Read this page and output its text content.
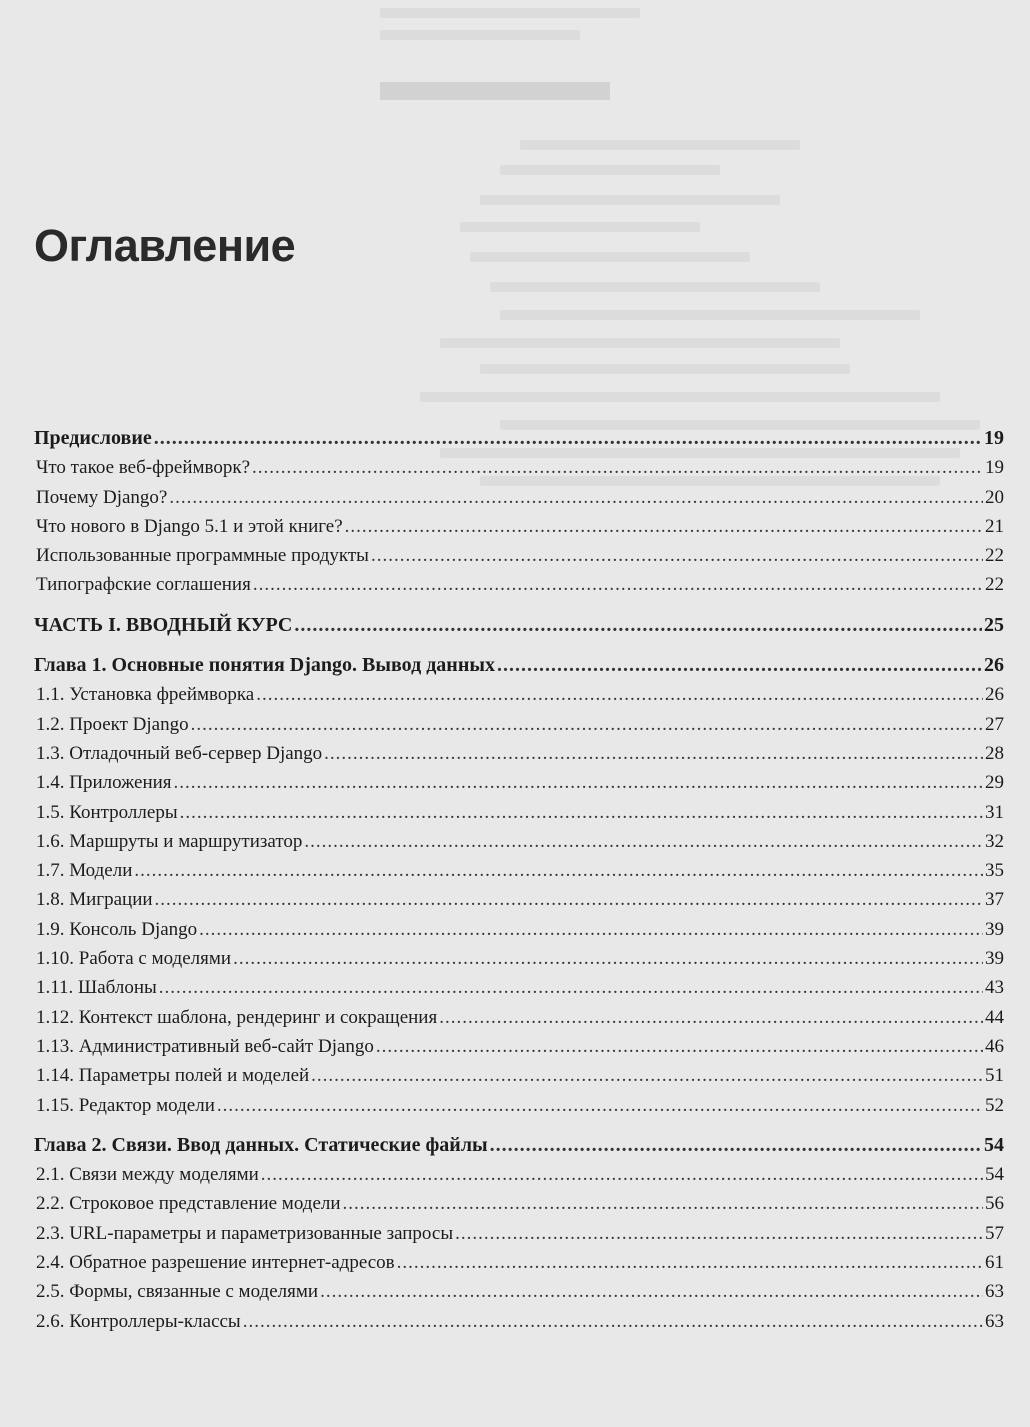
Оглавление
Предисловие .....	19
Что такое веб-фреймворк? .....	19
Почему Django? .....	20
Что нового в Django 5.1 и этой книге? .....	21
Использованные программные продукты .....	22
Типографские соглашения .....	22
ЧАСТЬ I. ВВОДНЫЙ КУРС .....	25
Глава 1. Основные понятия Django. Вывод данных .....	26
1.1. Установка фреймворка .....	26
1.2. Проект Django .....	27
1.3. Отладочный веб-сервер Django .....	28
1.4. Приложения .....	29
1.5. Контроллеры .....	31
1.6. Маршруты и маршрутизатор .....	32
1.7. Модели .....	35
1.8. Миграции .....	37
1.9. Консоль Django .....	39
1.10. Работа с моделями .....	39
1.11. Шаблоны .....	43
1.12. Контекст шаблона, рендеринг и сокращения .....	44
1.13. Административный веб-сайт Django .....	46
1.14. Параметры полей и моделей .....	51
1.15. Редактор модели .....	52
Глава 2. Связи. Ввод данных. Статические файлы .....	54
2.1. Связи между моделями .....	54
2.2. Строковое представление модели .....	56
2.3. URL-параметры и параметризованные запросы .....	57
2.4. Обратное разрешение интернет-адресов .....	61
2.5. Формы, связанные с моделями .....	63
2.6. Контроллеры-классы .....	63
